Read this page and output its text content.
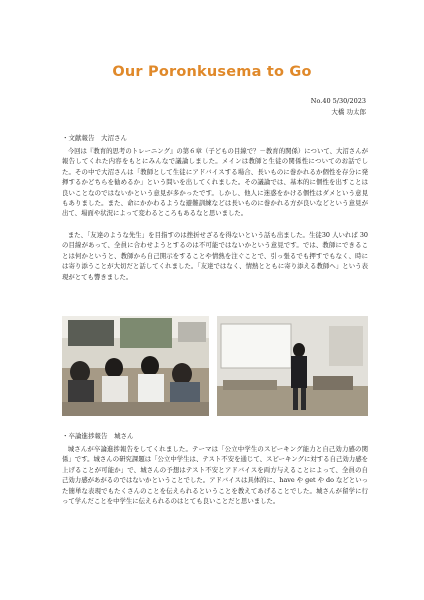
Our Poronkusema to Go
No.40 5/30/2023
大橋 功太郎

・文献報告　大沼さん

今回は『教育的思考のトレーニング』の第６章（子どもの目線で？－教育的関係）について、大沼さんが報告してくれた内容をもとにみんなで議論しました。メインは教師と生徒の関係性についてのお話でした。その中で大沼さんは「教師として生徒にアドバイスする場合、長いものに巻かれるか個性を存分に発揮するかどちらを勧めるか」という問いを出してくれました。その議論では、基本的に個性を出すことは良いことなのではないかという意見が多かったです。しかし、他人に迷惑をかける個性はダメという意見もありました。また、命にかかわるような避難訓練などは長いものに巻かれる方が良いなどという意見が出て、場面や状況によって変わるところもあるなと思いました。

また、「友達のような先生」を目指すのは挫折せざるを得ないという話も出ました。生徒30 人いれば 30 の目線があって、全員に合わせようとするのは不可能ではないかという意見です。では、教師にできることは何かというと、教師から自己開示をすることや情熱を注ぐことで、引っ張るでも押すでもなく、時には寄り添うことが大切だと話してくれました。「友達ではなく、情熱とともに寄り添える教師へ」という表現がとても響きました。

・卒論進捗報告　城さん

城さんが卒論進捗報告をしてくれました。テーマは「公立中学生のスピーキング能力と自己効力感の関係」です。城さんの研究課題は「公立中学生は、テスト不安を通じて、スピーキングに対する自己効力感を上げることが可能か」で、城さんの予想はテスト不安とアドバイスを両方与えることによって、全員の自己効力感があがるのではないかということでした。アドバイスは具体的に、have や get や do などといった簡単な表現でもたくさんのことを伝えられるということを教えてあげることでした。城さんが留学に行って学んだことを中学生に伝えられるのはとても良いことだと思いました。
